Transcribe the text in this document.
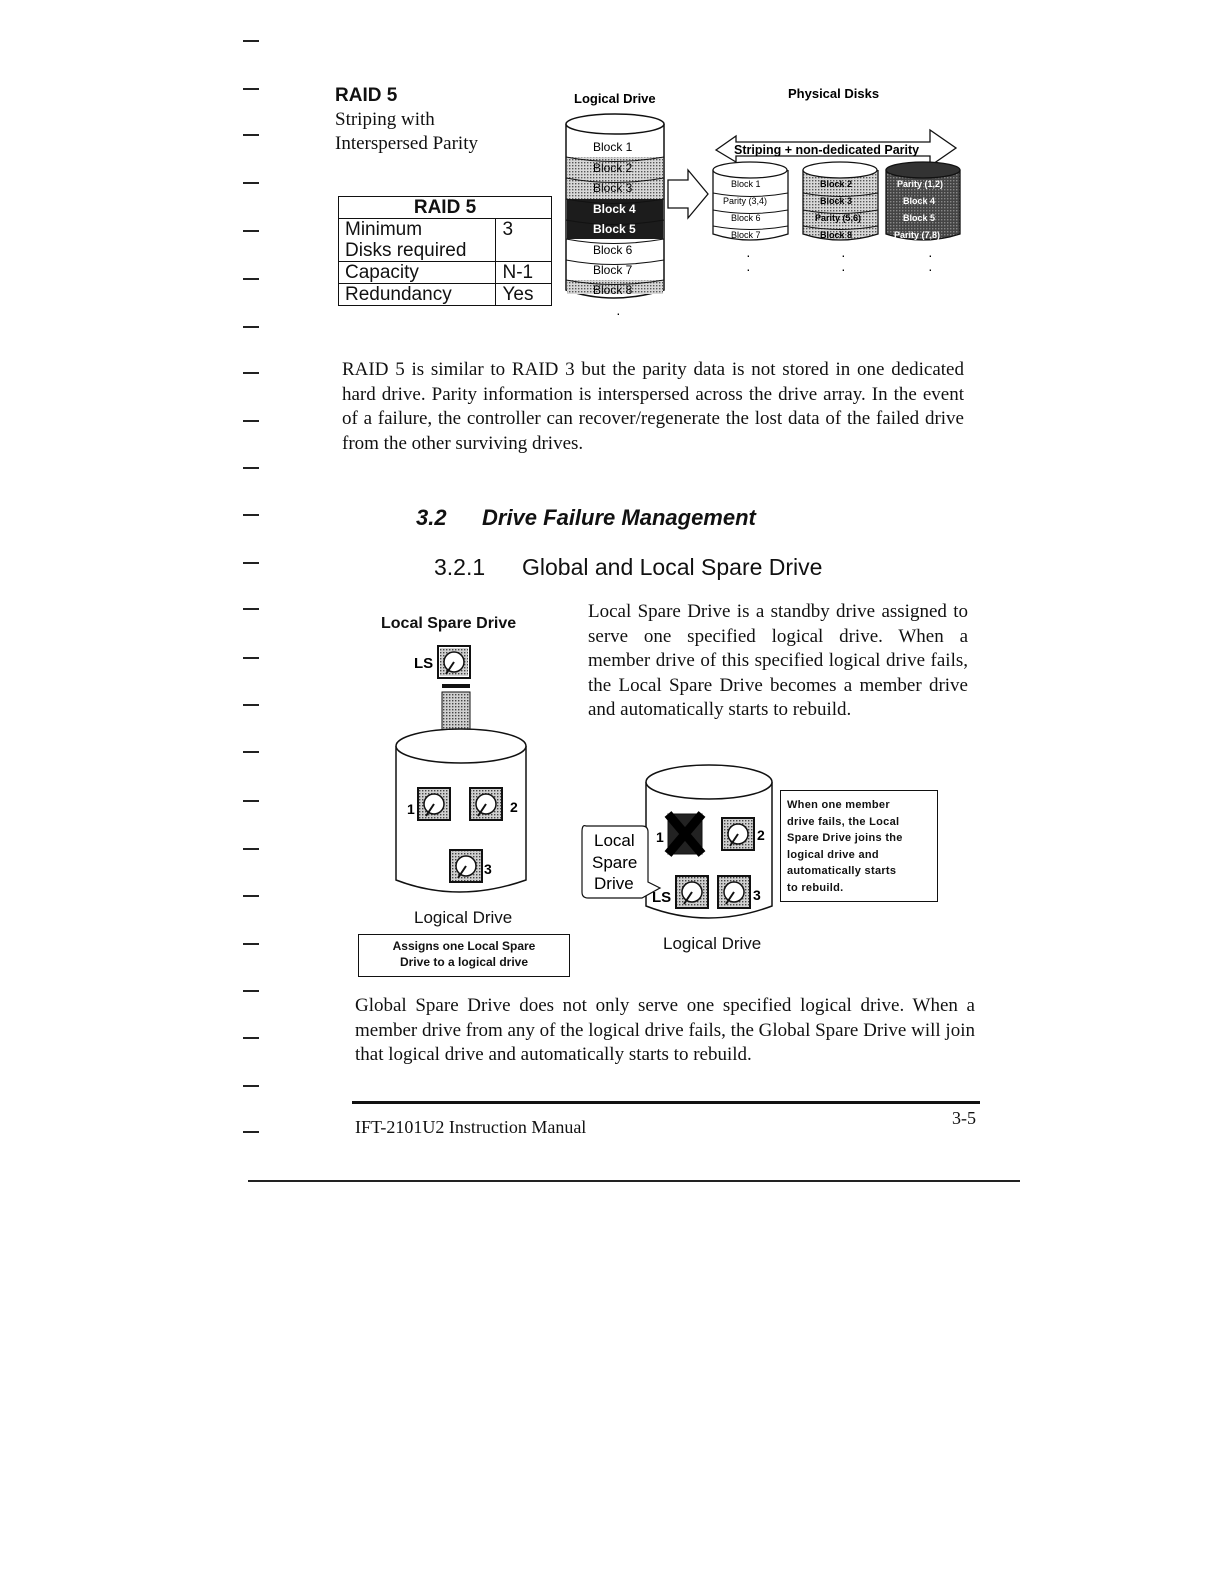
RAID 5
Striping with
Interspersed Parity
RAID 5	
Minimum	3
Disks required	
Capacity	N-1
Redundancy	Yes
Logical Drive	Physical Disks
Block 1
Block 2
Block 3
Block 4
Block 5
Block 6
Block 7
Block 8
·
Striping + non-dedicated Parity
Block 1
Parity (3,4)
Block 6
Block 7
Block 2
Block 3
Parity (5,6)
Block 8
Parity (1,2)
Block 4
Block 5
Parity (7,8)
·
·
·
·
·
·
RAID 5 is similar to RAID 3 but the parity data is not stored in one dedicated hard drive. Parity information is interspersed across the drive array. In the event of a failure, the controller can recover/regenerate the lost data of the failed drive from the other surviving drives.
3.2 Drive Failure Management
3.2.1 Global and Local Spare Drive
Local Spare Drive
LS
1	2
3
Logical Drive
Assigns one Local Spare
Drive to a logical drive
Local Spare Drive is a standby drive assigned to serve one specified logical drive. When a member drive of this specified logical drive fails, the Local Spare Drive becomes a member drive and automatically starts to rebuild.
Local
Spare
Drive
1	2
LS	3
Logical Drive
When one member
drive fails, the Local
Spare Drive joins the
logical drive and
automatically starts
to rebuild.
Global Spare Drive does not only serve one specified logical drive. When a member drive from any of the logical drive fails, the Global Spare Drive will join that logical drive and automatically starts to rebuild.
IFT-2101U2 Instruction Manual	3-5
